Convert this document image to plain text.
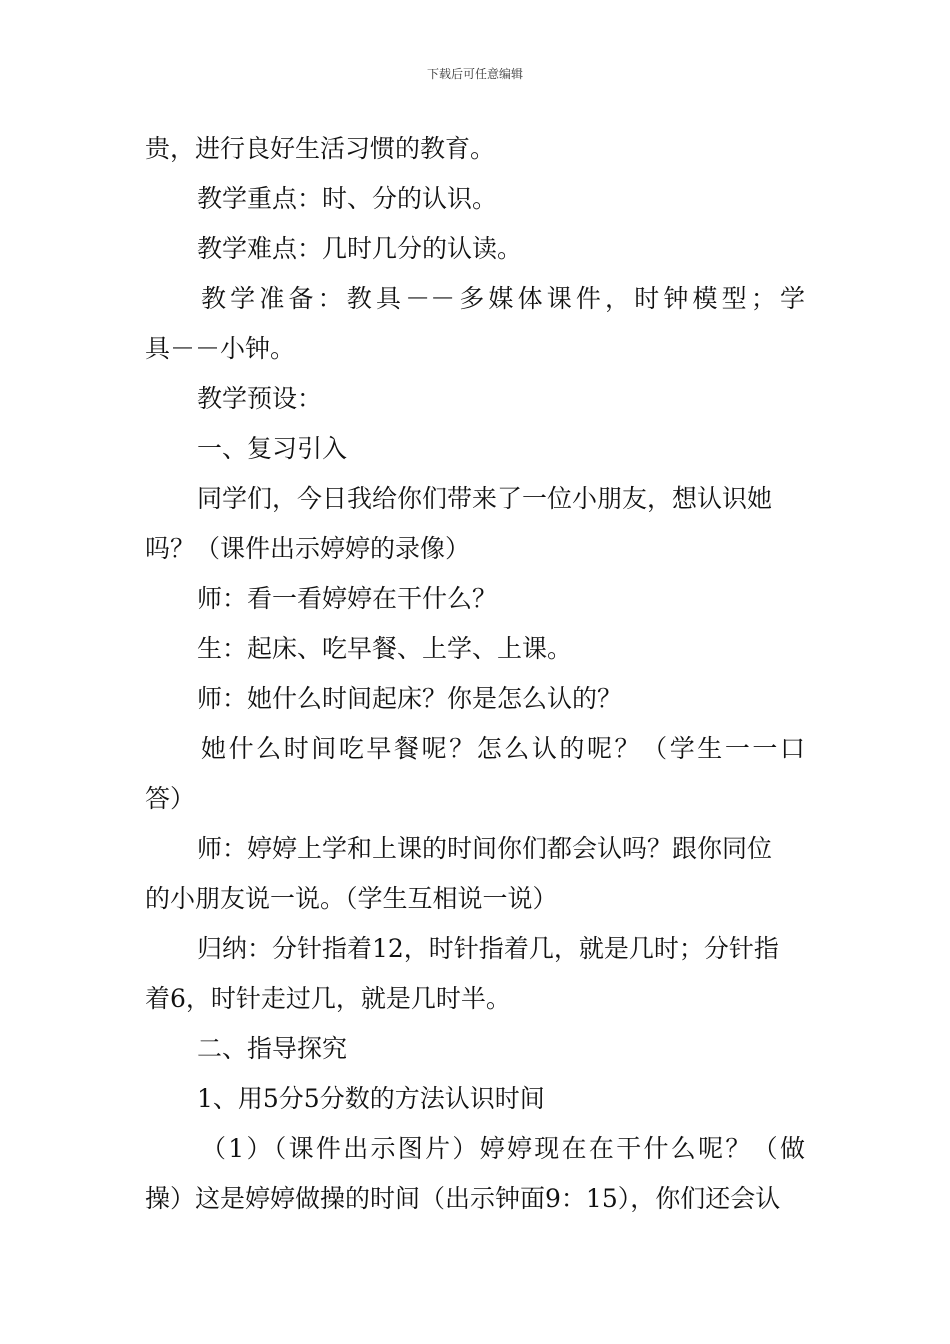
下载后可任意编辑

贵，进行良好生活习惯的教育。

教学重点：时、分的认识。

教学难点：几时几分的认读。

教学准备：教具－－多媒体课件，时钟模型；学

具－－小钟。

教学预设：

一、复习引入

同学们，今日我给你们带来了一位小朋友，想认识她

吗？（课件出示婷婷的录像）

师：看一看婷婷在干什么？

生：起床、吃早餐、上学、上课。

师：她什么时间起床？你是怎么认的？

她什么时间吃早餐呢？怎么认的呢？（学生一一口

答）

师：婷婷上学和上课的时间你们都会认吗？跟你同位

的小朋友说一说。（学生互相说一说）

归纳：分针指着12，时针指着几，就是几时；分针指

着6，时针走过几，就是几时半。

二、指导探究

1、用5分5分数的方法认识时间

（1）（课件出示图片）婷婷现在在干什么呢？（做

操）这是婷婷做操的时间（出示钟面9：15），你们还会认
